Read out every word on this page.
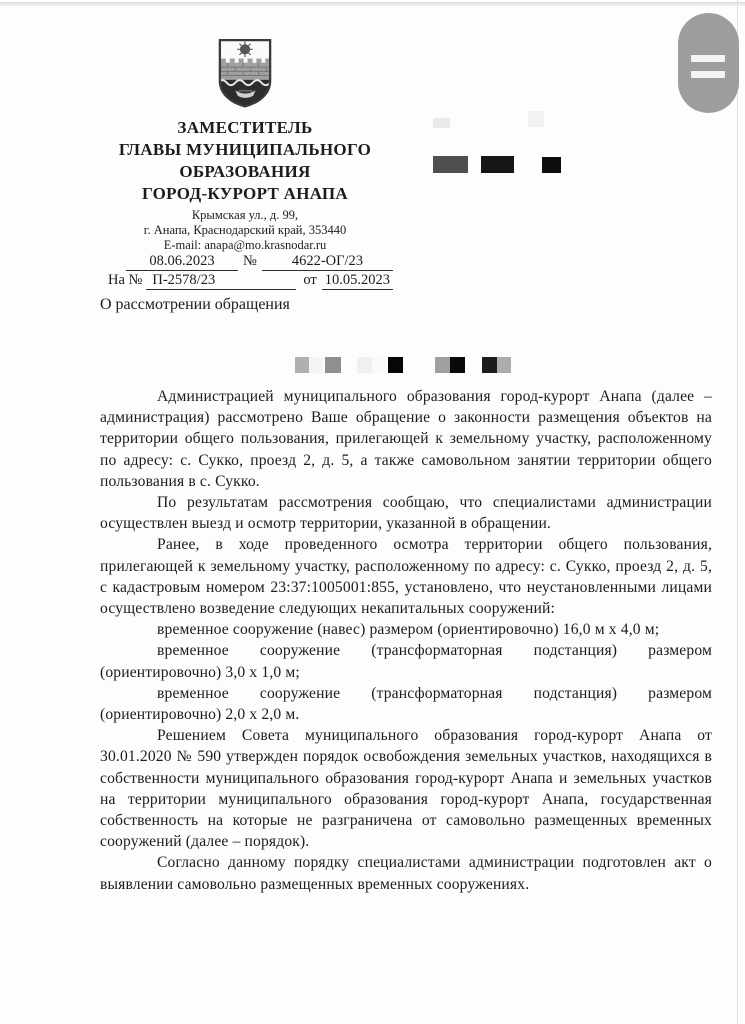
ЗАМЕСТИТЕЛЬ
ГЛАВЫ МУНИЦИПАЛЬНОГО
ОБРАЗОВАНИЯ
ГОРОД-КУРОРТ АНАПА
Крымская ул., д. 99,
г. Анапа, Краснодарский край, 353440
E-mail: anapa@mo.krasnodar.ru
08.06.2023	№	4622-ОГ/23
На № П-2578/23	от 10.05.2023
О рассмотрении обращения

Администрацией муниципального образования город-курорт Анапа (далее – администрация) рассмотрено Ваше обращение о законности размещения объектов на территории общего пользования, прилегающей к земельному участку, расположенному по адресу: с. Сукко, проезд 2, д. 5, а также самовольном занятии территории общего пользования в с. Сукко.

По результатам рассмотрения сообщаю, что специалистами администрации осуществлен выезд и осмотр территории, указанной в обращении.

Ранее, в ходе проведенного осмотра территории общего пользования, прилегающей к земельному участку, расположенному по адресу: с. Сукко, проезд 2, д. 5, с кадастровым номером 23:37:1005001:855, установлено, что неустановленными лицами осуществлено возведение следующих некапитальных сооружений:

временное сооружение (навес) размером (ориентировочно) 16,0 м х 4,0 м;

временное сооружение (трансформаторная подстанция) размером (ориентировочно) 3,0 х 1,0 м;

временное сооружение (трансформаторная подстанция) размером (ориентировочно) 2,0 х 2,0 м.

Решением Совета муниципального образования город-курорт Анапа от 30.01.2020 № 590 утвержден порядок освобождения земельных участков, находящихся в собственности муниципального образования город-курорт Анапа и земельных участков на территории муниципального образования город-курорт Анапа, государственная собственность на которые не разграничена от самовольно размещенных временных сооружений (далее – порядок).

Согласно данному порядку специалистами администрации подготовлен акт о выявлении самовольно размещенных временных сооружениях.
